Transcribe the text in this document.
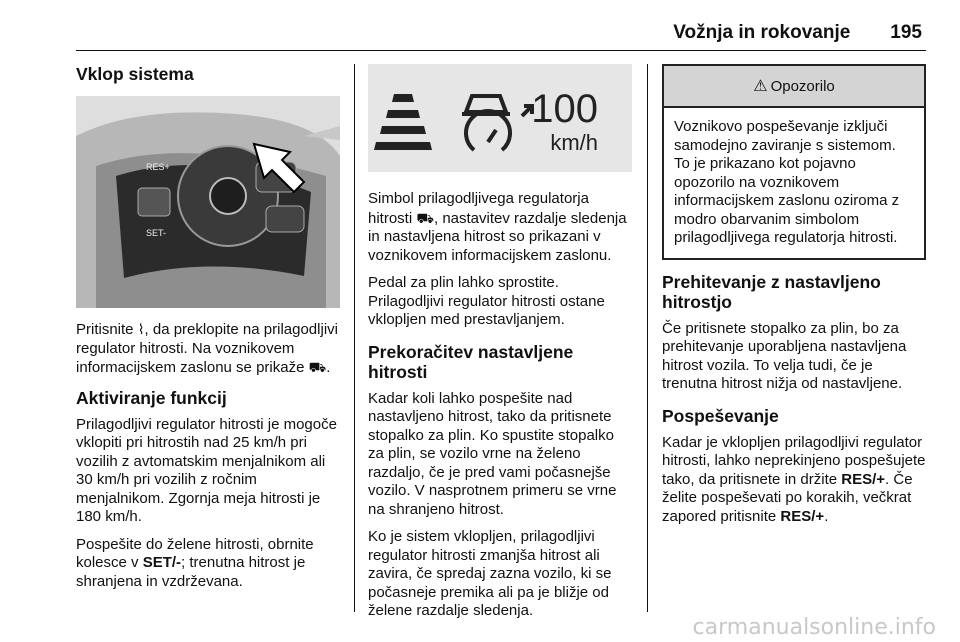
Vožnja in rokovanje 195
Vklop sistema
RES+
SET-

Pritisnite ⌇, da preklopite na prilagodljivi regulator hitrosti. Na voznikovem informacijskem zaslonu se prikaže ⛟.

Aktiviranje funkcij

Prilagodljivi regulator hitrosti je mogoče vklopiti pri hitrostih nad 25 km/h pri vozilih z avtomatskim menjalnikom ali 30 km/h pri vozilih z ročnim menjalnikom. Zgornja meja hitrosti je 180 km/h.

Pospešite do želene hitrosti, obrnite kolesce v SET/-; trenutna hitrost je shranjena in vzdrževana.

100
km/h

Simbol prilagodljivega regulatorja hitrosti ⛟, nastavitev razdalje sledenja in nastavljena hitrost so prikazani v voznikovem informacijskem zaslonu.

Pedal za plin lahko sprostite. Prilagodljivi regulator hitrosti ostane vklopljen med prestavljanjem.

Prekoračitev nastavljene hitrosti

Kadar koli lahko pospešite nad nastavljeno hitrost, tako da pritisnete stopalko za plin. Ko spustite stopalko za plin, se vozilo vrne na želeno razdaljo, če je pred vami počasnejše vozilo. V nasprotnem primeru se vrne na shranjeno hitrost.

Ko je sistem vklopljen, prilagodljivi regulator hitrosti zmanjša hitrost ali zavira, če spredaj zazna vozilo, ki se počasneje premika ali pa je bližje od želene razdalje sledenja.

⚠ Opozorilo
Voznikovo pospeševanje izklјuči samodejno zaviranje s sistemom. To je prikazano kot pojavno opozorilo na voznikovem informacijskem zaslonu oziroma z modro obarvanim simbolom prilagodljivega regulatorja hitrosti.
Prehitevanje z nastavljeno hitrostjo

Če pritisnete stopalko za plin, bo za prehitevanje uporabljena nastavljena hitrost vozila. To velja tudi, če je trenutna hitrost nižja od nastavljene.

Pospeševanje

Kadar je vklopljen prilagodljivi regulator hitrosti, lahko neprekinjeno pospešujete tako, da pritisnete in držite RES/+. Če želite pospeševati po korakih, večkrat zapored pritisnite RES/+.

carmanualsonline.info
